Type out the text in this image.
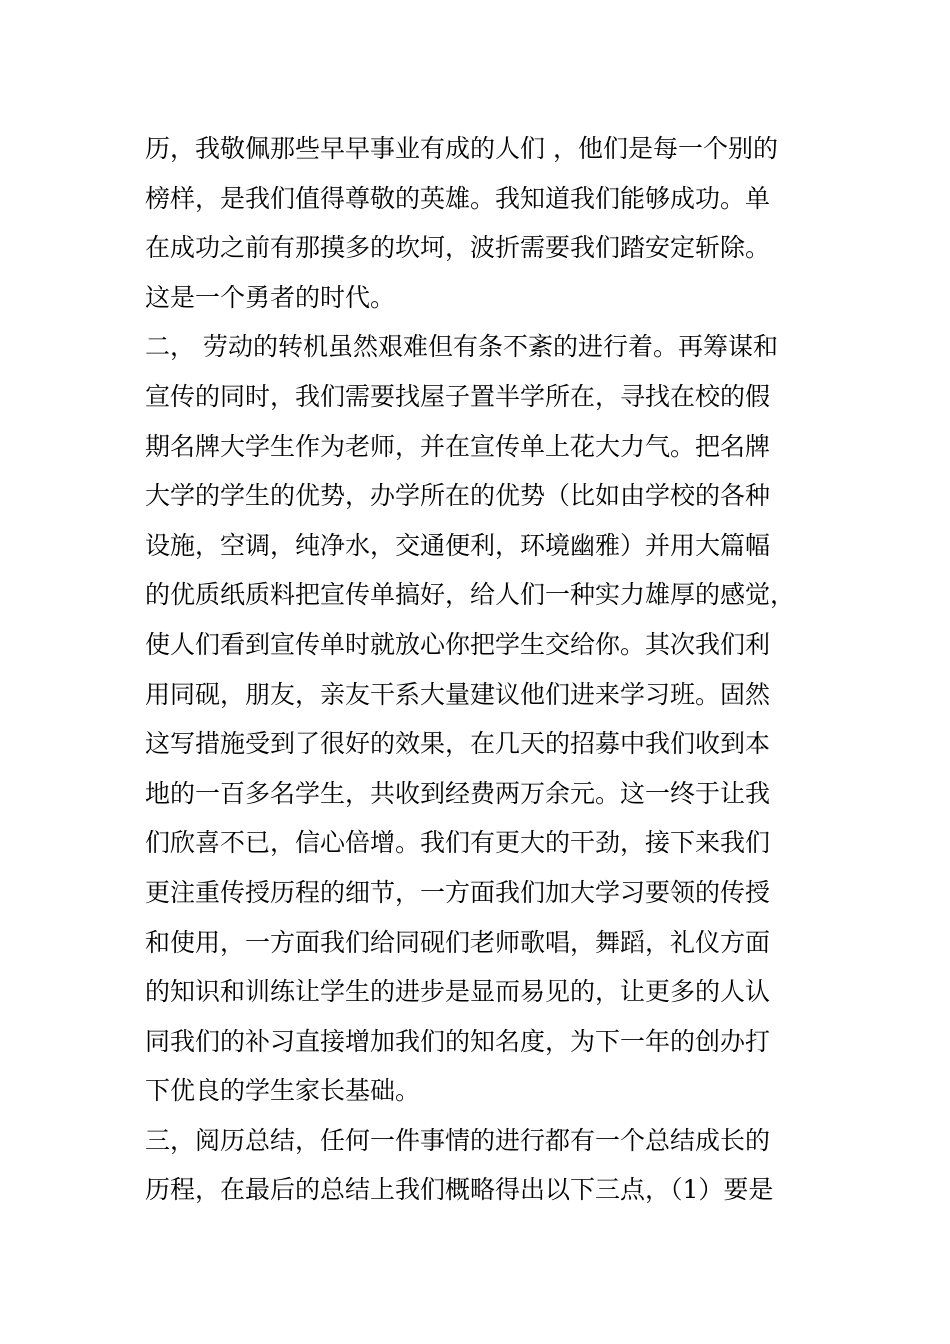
历，我敬佩那些早早事业有成的人们 ，他们是每一个别的
榜样，是我们值得尊敬的英雄。我知道我们能够成功。单
在成功之前有那摸多的坎坷，波折需要我们踏安定斩除。
这是一个勇者的时代。
二， 劳动的转机虽然艰难但有条不紊的进行着。再筹谋和
宣传的同时，我们需要找屋子置半学所在，寻找在校的假
期名牌大学生作为老师，并在宣传单上花大力气。把名牌
大学的学生的优势，办学所在的优势（比如由学校的各种
设施，空调，纯净水，交通便利，环境幽雅）并用大篇幅
的优质纸质料把宣传单搞好，给人们一种实力雄厚的感觉，
使人们看到宣传单时就放心你把学生交给你。其次我们利
用同砚，朋友，亲友干系大量建议他们进来学习班。固然
这写措施受到了很好的效果，在几天的招募中我们收到本
地的一百多名学生，共收到经费两万余元。这一终于让我
们欣喜不已，信心倍增。我们有更大的干劲，接下来我们
更注重传授历程的细节，一方面我们加大学习要领的传授
和使用，一方面我们给同砚们老师歌唱，舞蹈，礼仪方面
的知识和训练让学生的进步是显而易见的，让更多的人认
同我们的补习直接增加我们的知名度，为下一年的创办打
下优良的学生家长基础。
三，阅历总结，任何一件事情的进行都有一个总结成长的
历程，在最后的总结上我们概略得出以下三点，（1）要是
